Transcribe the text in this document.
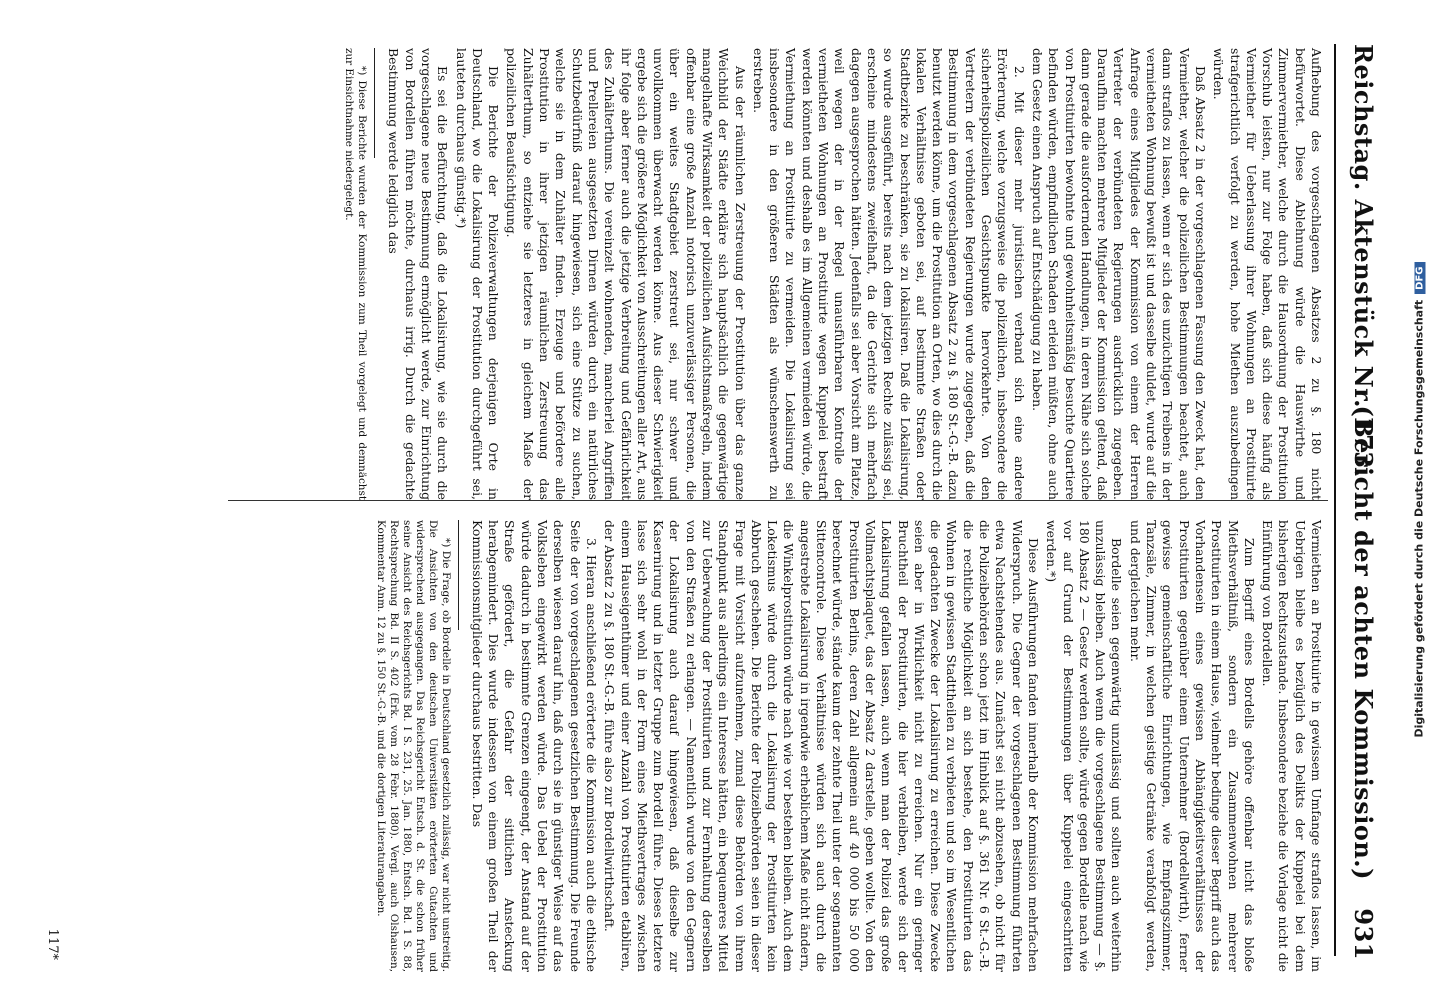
Reichstag. Aktenstück Nr. 173.
(Bericht der achten Kommission.)
931

Aufhebung des vorgeschlagenen Absatzes 2 zu §. 180 nicht befürwortet. Diese Ablehnung würde die Hauswirthe und Zimmervermiether, welche durch die Hausordnung der Prostitution Vorschub leisten, nur zur Folge haben, daß sich diese häufig als Vermiether für Ueberlassung ihrer Wohnungen an Prostituirte strafgerichtlich verfolgt zu werden, hohe Miethen auszubedingen würden.

Daß Absatz 2 in der vorgeschlagenen Fassung den Zweck hat, den Vermiether, welcher die polizeilichen Bestimmungen beachtet, auch dann straflos zu lassen, wenn er sich des unzüchtigen Treibens in der vermietheten Wohnung bewußt ist und dasselbe duldet, wurde auf die Anfrage eines Mitgliedes der Kommission von einem der Herren Vertreter der verbündeten Regierungen ausdrücklich zugegeben. Daraufhin machten mehrere Mitglieder der Kommission geltend, daß dann gerade die ausfordernden Handlungen, in deren Nähe sich solche von Prostituirten bewohnte und gewohnheitsmäßig besuchte Quartiere befinden würden, empfindlichen Schaden erleiden müßten, ohne auch dem Gesetz einen Anspruch auf Entschädigung zu haben.

2. Mit dieser mehr juristischen verband sich eine andere Erörterung, welche vorzugsweise die polizeilichen, insbesondere die sicherheitspolizeilichen Gesichtspunkte hervorkehrte. Von den Vertretern der verbündeten Regierungen wurde zugegeben, daß die Bestimmung in dem vorgeschlagenen Absatz 2 zu §. 180 St.-G.-B. dazu benutzt werden könne, um die Prostitution an Orten, wo dies durch die lokalen Verhältnisse geboten sei, auf bestimmte Straßen oder Stadtbezirke zu beschränken, sie zu lokalisiren. Daß die Lokalisirung, so wurde ausgeführt, bereits nach dem jetzigen Rechte zulässig sei, erscheine mindestens zweifelhaft, da die Gerichte sich mehrfach dagegen ausgesprochen hätten. Jedenfalls sei aber Vorsicht am Platze, weil wegen der in der Regel unausführbaren Kontrolle der vermietheten Wohnungen an Prostituirte wegen Kuppelei bestraft werden könnten und deshalb es im Allgemeinen vermieden würde, die Vermiethung an Prostituirte zu vermeiden. Die Lokalisirung sei insbesondere in den größeren Städten als wünschenswerth zu erstreben.

Aus der räumlichen Zerstreuung der Prostitution über das ganze Weichbild der Städte erkläre sich hauptsächlich die gegenwärtige mangelhafte Wirksamkeit der polizeilichen Aufsichtsmaßregeln, indem offenbar eine große Anzahl notorisch unzuverlässiger Personen, die über ein weites Stadtgebiet zerstreut sei, nur schwer und unvollkommen überwacht werden könne. Aus dieser Schwierigkeit ergebe sich die größere Möglichkeit von Ausschreitungen aller Art, aus ihr folge aber ferner auch die jetzige Verbreitung und Gefährlichkeit des Zuhälterthums. Die vereinzelt wohnenden, mancherlei Angriffen und Prellereien ausgesetzten Dirnen würden durch ein natürliches Schutzbedürfniß darauf hingewiesen, sich eine Stütze zu suchen, welche sie in dem Zuhälter finden. Erzeuge und befördere alle Prostitution in ihrer jetzigen räumlichen Zerstreuung das Zuhälterthum, so entziehe sie letzteres in gleichem Maße der polizeilichen Beaufsichtigung.

Die Berichte der Polizeiverwaltungen derjenigen Orte in Deutschland, wo die Lokalisirung der Prostitution durchgeführt sei, lauteten durchaus günstig.*)

Es sei die Befürchtung, daß die Lokalisirung, wie sie durch die vorgeschlagene neue Bestimmung ermöglicht werde, zur Einrichtung von Bordellen führen möchte, durchaus irrig. Durch die gedachte Bestimmung werde lediglich das

*) Diese Berichte wurden der Kommission zum Theil vorgelegt und demnächst zur Einsichtnahme niedergelegt.

Vermiethen an Prostituirte in gewissem Umfange straflos lassen, im Uebrigen bleibe es bezüglich des Delikts der Kuppelei bei dem bisherigen Rechtszustande. Insbesondere beziehe die Vorlage nicht die Einführung von Bordellen.

Zum Begriff eines Bordells gehöre offenbar nicht das bloße Miethsverhältniß, sondern ein Zusammenwohnen mehrerer Prostituirten in einem Hause, vielmehr bedinge dieser Begriff auch das Vorhandensein eines gewissen Abhängigkeitsverhältnisses der Prostituirten gegenüber einem Unternehmer (Bordellwirth), ferner gewisse gemeinschaftliche Einrichtungen, wie Empfangszimmer, Tanzsäle, Zimmer, in welchen geistige Getränke verabfolgt werden, und dergleichen mehr.

Bordelle seien gegenwärtig unzulässig und sollten auch weiterhin unzulässig bleiben. Auch wenn die vorgeschlagene Bestimmung — §. 180 Absatz 2 — Gesetz werden sollte, würde gegen Bordelle nach wie vor auf Grund der Bestimmungen über Kuppelei eingeschritten werden.*)

Diese Ausführungen fanden innerhalb der Kommission mehrfachen Widerspruch. Die Gegner der vorgeschlagenen Bestimmung führten etwa Nachstehendes aus. Zunächst sei nicht abzusehen, ob nicht für die Polizeibehörden schon jetzt im Hinblick auf §. 361 Nr. 6 St.-G.-B. die rechtliche Möglichkeit an sich bestehe, den Prostituirten das Wohnen in gewissen Stadttheilen zu verbieten und so im Wesentlichen die gedachten Zwecke der Lokalisirung zu erreichen. Diese Zwecke seien aber in Wirklichkeit nicht zu erreichen. Nur ein geringer Bruchtheil der Prostituirten, die hier verbleiben, werde sich der Lokalisirung gefallen lassen, auch wenn man der Polizei das große Vollmachtsplaquet, das der Absatz 2 darstelle, geben wollte. Von den Prostituirten Berlins, deren Zahl allgemein auf 40 000 bis 50 000 berechnet würde, stände kaum der zehnte Theil unter der sogenannten Sittencontrole. Diese Verhältnisse würden sich auch durch die angestrebte Lokalisirung in irgendwie erheblichem Maße nicht ändern, die Winkelprostitution würde nach wie vor bestehen bleiben. Auch dem Loketismus würde durch die Lokalisirung der Prostituirten kein Abbruch geschehen. Die Berichte der Polizeibehörden seien in dieser Frage mit Vorsicht aufzunehmen, zumal diese Behörden von ihrem Standpunkt aus allerdings ein Interesse hätten, ein bequemeres Mittel zur Ueberwachung der Prostituirten und zur Fernhaltung derselben von den Straßen zu erlangen. — Namentlich wurde von den Gegnern der Lokalisirung auch darauf hingewiesen, daß dieselbe zur Kasernirung und in letzter Gruppe zum Bordell führe. Dieses letztere lasse sich sehr wohl in der Form eines Miethsvertrages zwischen einem Hauseigenthümer und einer Anzahl von Prostituirten etabliren, der Absatz 2 zu §. 180 St.-G.-B. führe also zur Bordellwirthschaft.

3. Hieran anschließend erörterte die Kommission auch die ethische Seite der von vorgeschlagenen gesetzlichen Bestimmung. Die Freunde derselben wiesen darauf hin, daß durch sie in günstiger Weise auf das Volksleben eingewirkt werden würde. Das Uebel der Prostitution würde dadurch in bestimmte Grenzen eingeengt, der Anstand auf der Straße gefördert, die Gefahr der sittlichen Ansteckung herabgemindert. Dies wurde indessen von einem großen Theil der Kommissionsmitglieder durchaus bestritten. Das

*) Die Frage, ob Bordelle in Deutschland gesetzlich zulässig, war nicht unstreitig. Die Ansichten von den deutschen Universitäten erörterten Gutachten und widersprechend ausgegangen. Das Reichsgericht Entsch. d. St. die schon früher seine Ansicht des Reichsgerichts Bd. I S. 231, 25. Jan. 1880, Entsch. Bd. 1 S. 88, Rechtsprechung Bd. II S. 402 (Erk. vom 28 Febr. 1880). Vergl. auch Olshausen, Kommentar Anm. 12 zu §. 150 St.-G.-B. und die dortigen Literaturangaben.

117*
Digitalisierung gefördert durch die Deutsche ForschungsgemeinschaftDFG
